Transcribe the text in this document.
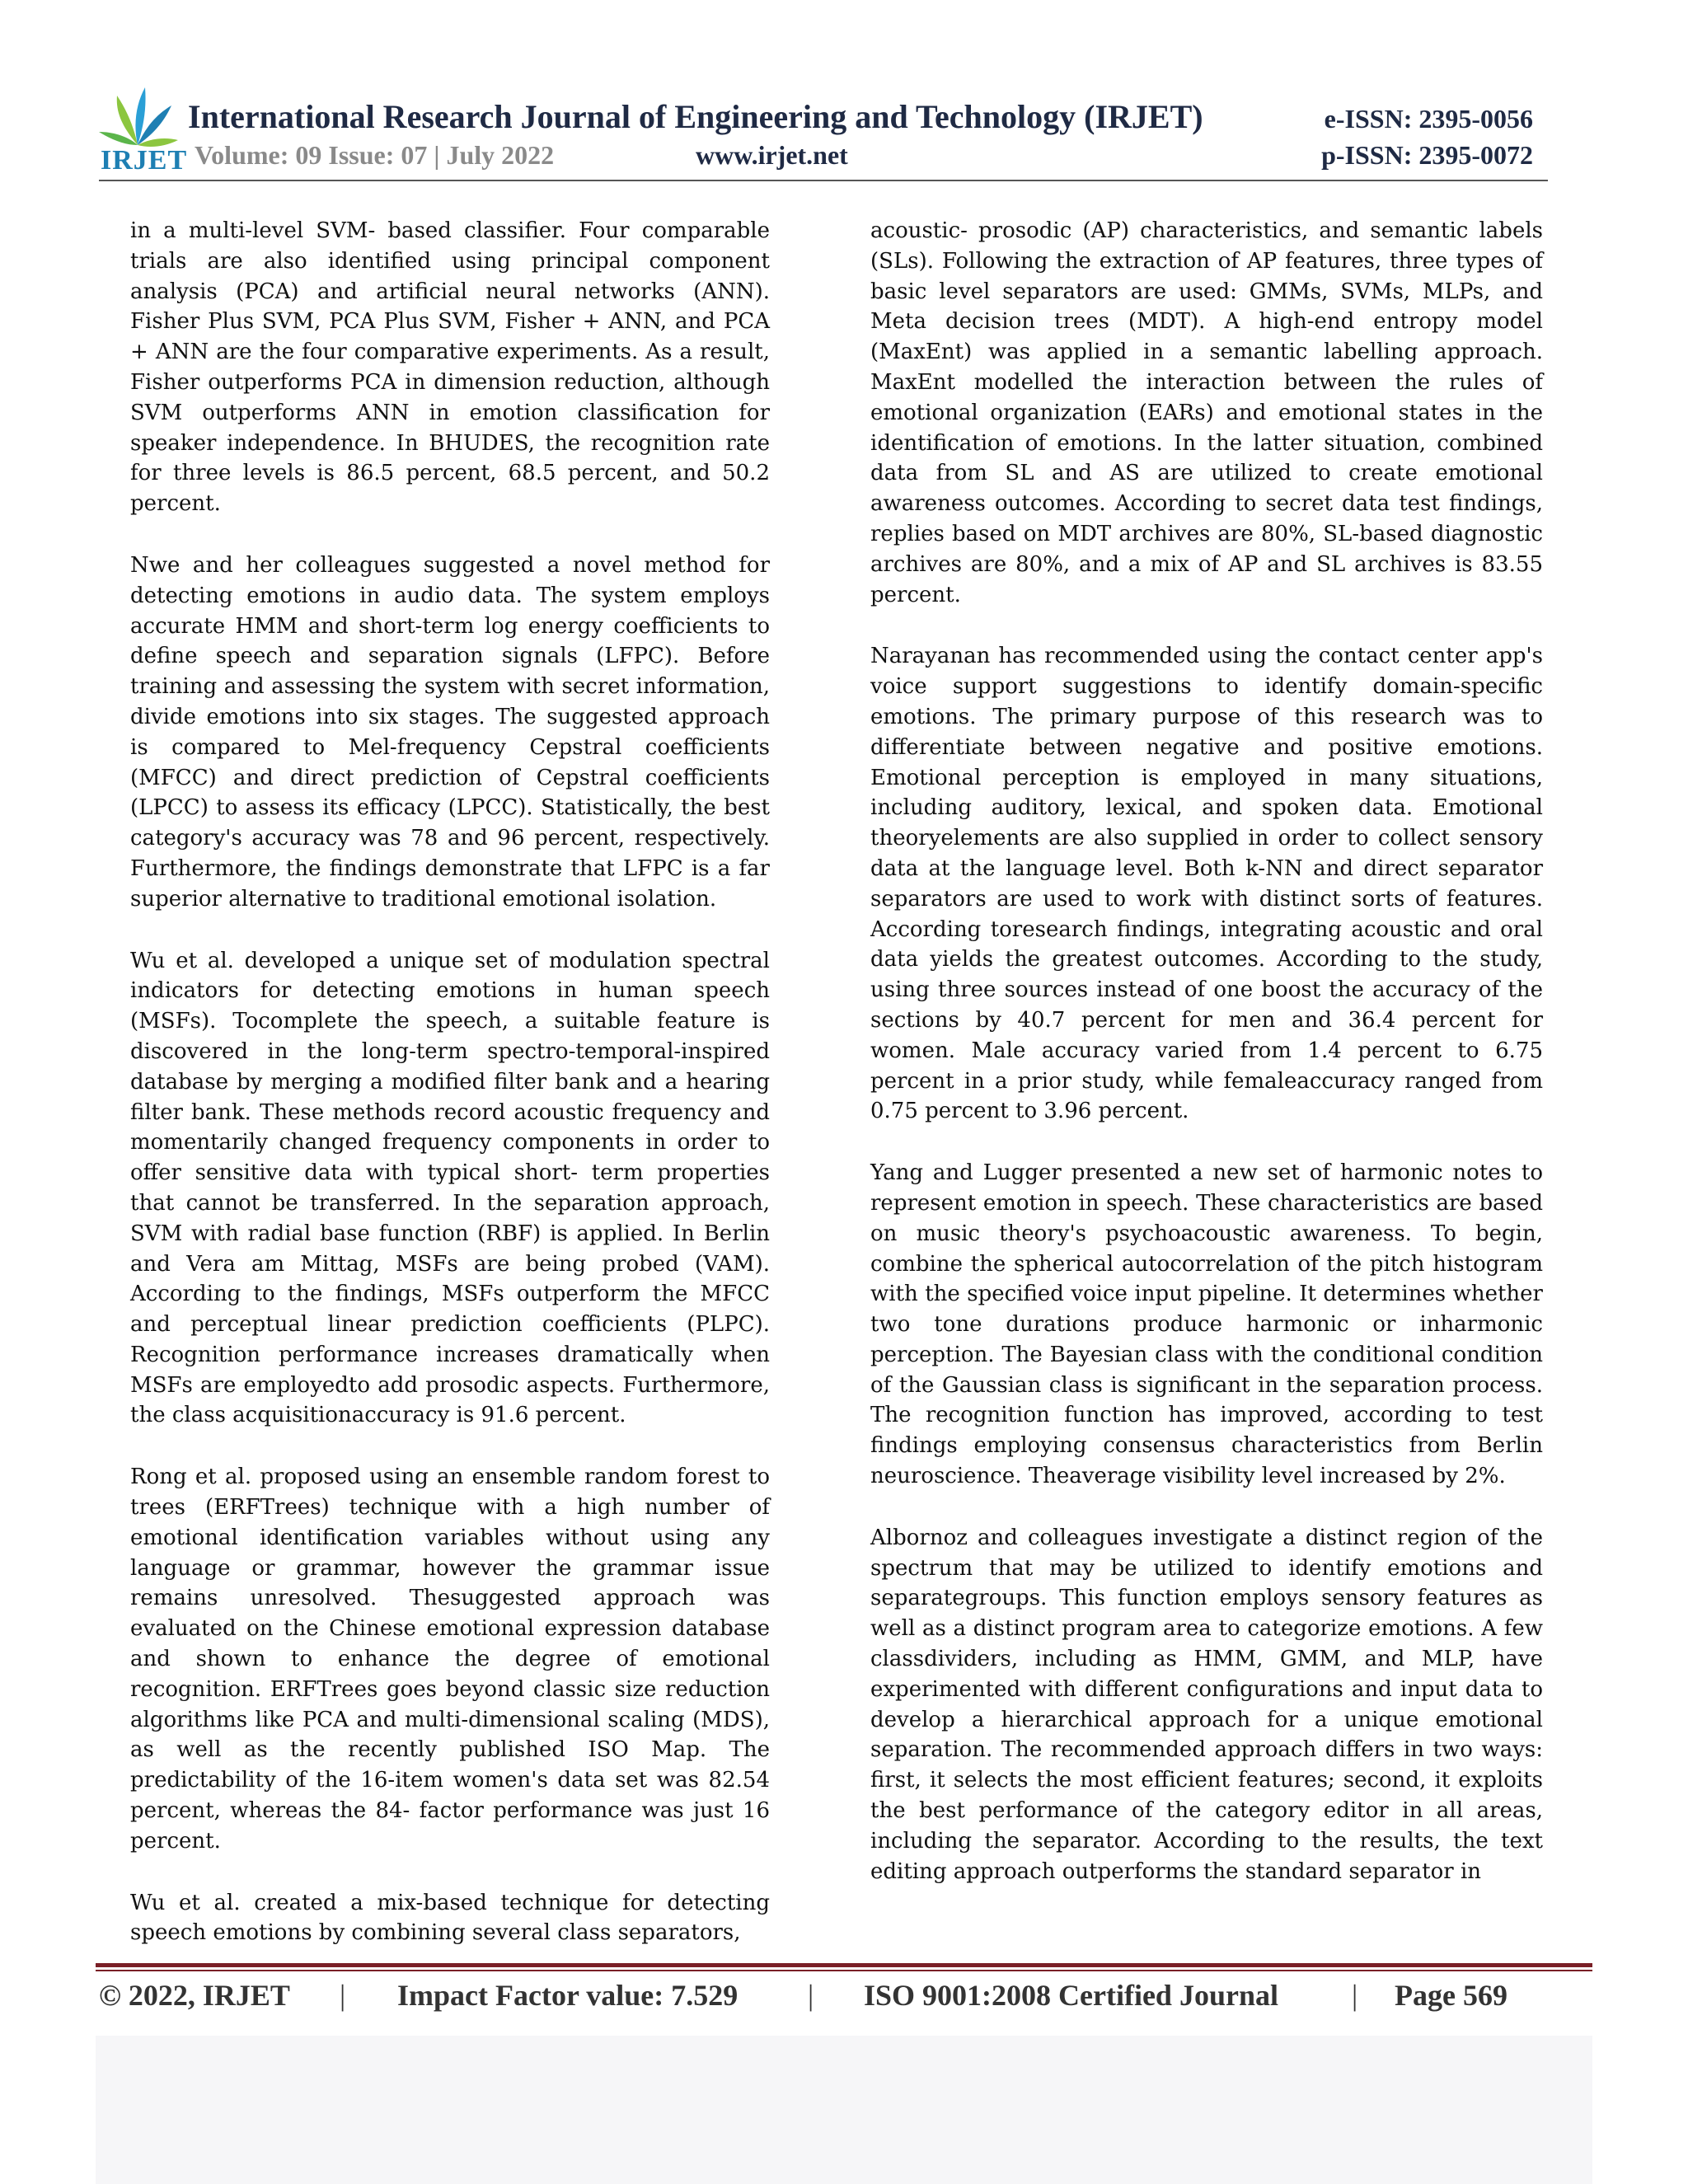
IRJET
International Research Journal of Engineering and Technology (IRJET)	e-ISSN: 2395-0056
Volume: 09 Issue: 07 | July 2022	www.irjet.net	p-ISSN: 2395-0072

in a multi-level SVM- based classifier. Four comparable trials are also identified using principal component analysis (PCA) and artificial neural networks (ANN). Fisher Plus SVM, PCA Plus SVM, Fisher + ANN, and PCA + ANN are the four comparative experiments. As a result, Fisher outperforms PCA in dimension reduction, although SVM outperforms ANN in emotion classification for speaker independence. In BHUDES, the recognition rate for three levels is 86.5 percent, 68.5 percent, and 50.2 percent.

Nwe and her colleagues suggested a novel method for detecting emotions in audio data. The system employs accurate HMM and short-term log energy coefficients to define speech and separation signals (LFPC). Before training and assessing the system with secret information, divide emotions into six stages. The suggested approach is compared to Mel-frequency Cepstral coefficients (MFCC) and direct prediction of Cepstral coefficients (LPCC) to assess its efficacy (LPCC). Statistically, the best category's accuracy was 78 and 96 percent, respectively. Furthermore, the findings demonstrate that LFPC is a far superior alternative to traditional emotional isolation.

Wu et al. developed a unique set of modulation spectral indicators for detecting emotions in human speech (MSFs). Tocomplete the speech, a suitable feature is discovered in the long-term spectro-temporal-inspired database by merging a modified filter bank and a hearing filter bank. These methods record acoustic frequency and momentarily changed frequency components in order to offer sensitive data with typical short- term properties that cannot be transferred. In the separation approach, SVM with radial base function (RBF) is applied. In Berlin and Vera am Mittag, MSFs are being probed (VAM). According to the findings, MSFs outperform the MFCC and perceptual linear prediction coefficients (PLPC). Recognition performance increases dramatically when MSFs are employedto add prosodic aspects. Furthermore, the class acquisitionaccuracy is 91.6 percent.

Rong et al. proposed using an ensemble random forest to trees (ERFTrees) technique with a high number of emotional identification variables without using any language or grammar, however the grammar issue remains unresolved. Thesuggested approach was evaluated on the Chinese emotional expression database and shown to enhance the degree of emotional recognition. ERFTrees goes beyond classic size reduction algorithms like PCA and multi-dimensional scaling (MDS), as well as the recently published ISO Map. The predictability of the 16-item women's data set was 82.54 percent, whereas the 84- factor performance was just 16 percent.

Wu et al. created a mix-based technique for detecting speech emotions by combining several class separators,

acoustic- prosodic (AP) characteristics, and semantic labels (SLs). Following the extraction of AP features, three types of basic level separators are used: GMMs, SVMs, MLPs, and Meta decision trees (MDT). A high-end entropy model (MaxEnt) was applied in a semantic labelling approach. MaxEnt modelled the interaction between the rules of emotional organization (EARs) and emotional states in the identification of emotions. In the latter situation, combined data from SL and AS are utilized to create emotional awareness outcomes. According to secret data test findings, replies based on MDT archives are 80%, SL-based diagnostic archives are 80%, and a mix of AP and SL archives is 83.55 percent.

Narayanan has recommended using the contact center app's voice support suggestions to identify domain-specific emotions. The primary purpose of this research was to differentiate between negative and positive emotions. Emotional perception is employed in many situations, including auditory, lexical, and spoken data. Emotional theoryelements are also supplied in order to collect sensory data at the language level. Both k-NN and direct separator separators are used to work with distinct sorts of features. According toresearch findings, integrating acoustic and oral data yields the greatest outcomes. According to the study, using three sources instead of one boost the accuracy of the sections by 40.7 percent for men and 36.4 percent for women. Male accuracy varied from 1.4 percent to 6.75 percent in a prior study, while femaleaccuracy ranged from 0.75 percent to 3.96 percent.

Yang and Lugger presented a new set of harmonic notes to represent emotion in speech. These characteristics are based on music theory's psychoacoustic awareness. To begin, combine the spherical autocorrelation of the pitch histogram with the specified voice input pipeline. It determines whether two tone durations produce harmonic or inharmonic perception. The Bayesian class with the conditional condition of the Gaussian class is significant in the separation process. The recognition function has improved, according to test findings employing consensus characteristics from Berlin neuroscience. Theaverage visibility level increased by 2%.

Albornoz and colleagues investigate a distinct region of the spectrum that may be utilized to identify emotions and separategroups. This function employs sensory features as well as a distinct program area to categorize emotions. A few classdividers, including as HMM, GMM, and MLP, have experimented with different configurations and input data to develop a hierarchical approach for a unique emotional separation. The recommended approach differs in two ways: first, it selects the most efficient features; second, it exploits the best performance of the category editor in all areas, including the separator. According to the results, the text editing approach outperforms the standard separator in

© 2022, IRJET | Impact Factor value: 7.529 | ISO 9001:2008 Certified Journal | Page 569
